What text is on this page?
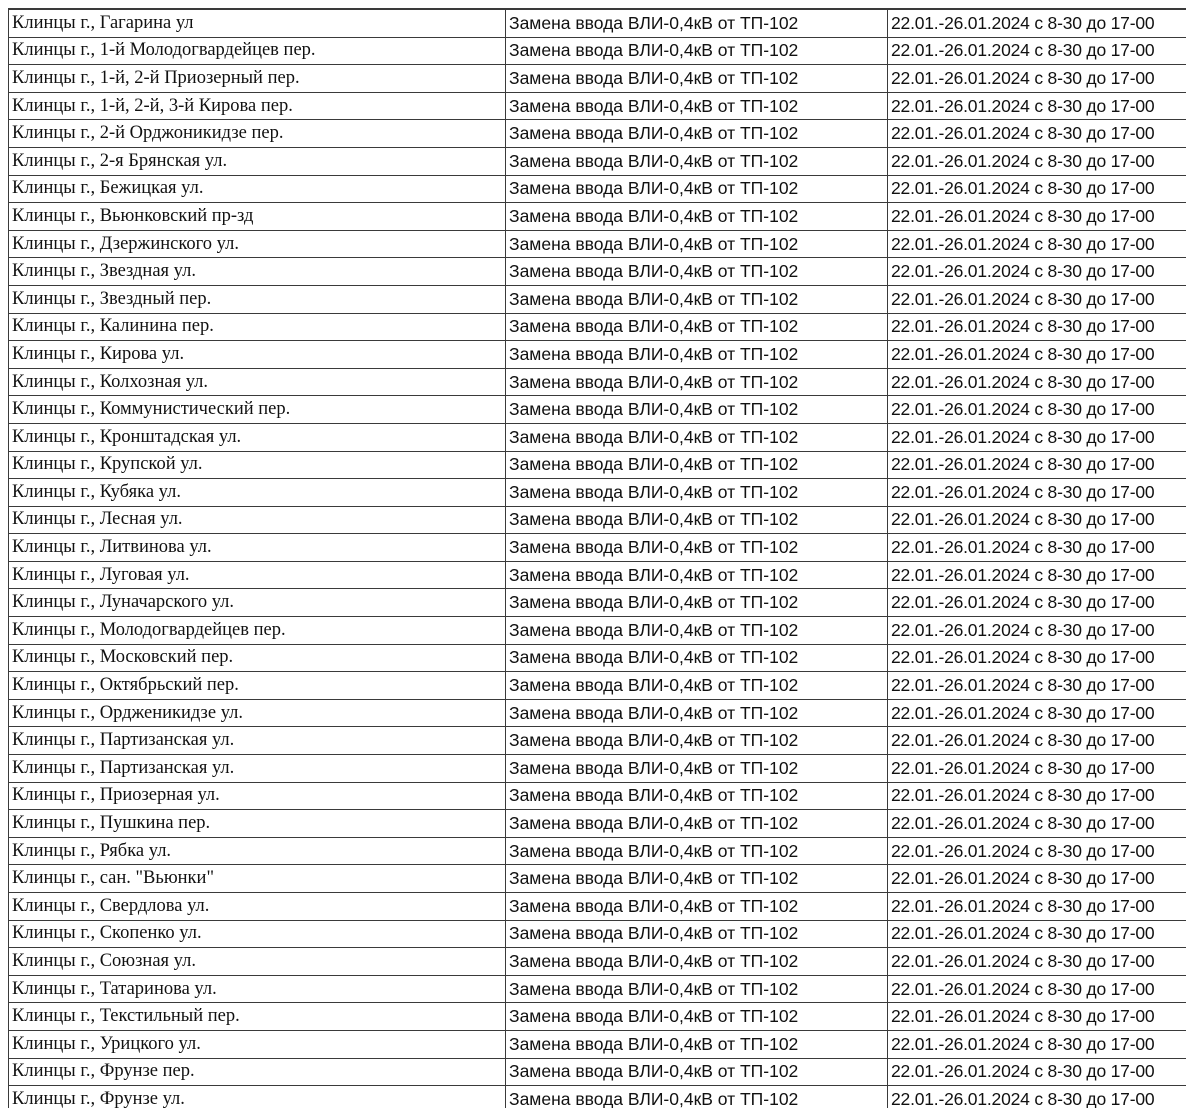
Клинцы г., Гагарина ул	Замена ввода ВЛИ-0,4кВ от ТП-102	22.01.-26.01.2024 с 8-30 до 17-00
Клинцы г., 1-й Молодогвардейцев пер.	Замена ввода ВЛИ-0,4кВ от ТП-102	22.01.-26.01.2024 с 8-30 до 17-00
Клинцы г., 1-й, 2-й Приозерный пер.	Замена ввода ВЛИ-0,4кВ от ТП-102	22.01.-26.01.2024 с 8-30 до 17-00
Клинцы г., 1-й, 2-й, 3-й Кирова пер.	Замена ввода ВЛИ-0,4кВ от ТП-102	22.01.-26.01.2024 с 8-30 до 17-00
Клинцы г., 2-й Орджоникидзе пер.	Замена ввода ВЛИ-0,4кВ от ТП-102	22.01.-26.01.2024 с 8-30 до 17-00
Клинцы г., 2-я Брянская ул.	Замена ввода ВЛИ-0,4кВ от ТП-102	22.01.-26.01.2024 с 8-30 до 17-00
Клинцы г., Бежицкая ул.	Замена ввода ВЛИ-0,4кВ от ТП-102	22.01.-26.01.2024 с 8-30 до 17-00
Клинцы г., Вьюнковский пр-зд	Замена ввода ВЛИ-0,4кВ от ТП-102	22.01.-26.01.2024 с 8-30 до 17-00
Клинцы г., Дзержинского ул.	Замена ввода ВЛИ-0,4кВ от ТП-102	22.01.-26.01.2024 с 8-30 до 17-00
Клинцы г., Звездная ул.	Замена ввода ВЛИ-0,4кВ от ТП-102	22.01.-26.01.2024 с 8-30 до 17-00
Клинцы г., Звездный пер.	Замена ввода ВЛИ-0,4кВ от ТП-102	22.01.-26.01.2024 с 8-30 до 17-00
Клинцы г., Калинина пер.	Замена ввода ВЛИ-0,4кВ от ТП-102	22.01.-26.01.2024 с 8-30 до 17-00
Клинцы г., Кирова ул.	Замена ввода ВЛИ-0,4кВ от ТП-102	22.01.-26.01.2024 с 8-30 до 17-00
Клинцы г., Колхозная ул.	Замена ввода ВЛИ-0,4кВ от ТП-102	22.01.-26.01.2024 с 8-30 до 17-00
Клинцы г., Коммунистический пер.	Замена ввода ВЛИ-0,4кВ от ТП-102	22.01.-26.01.2024 с 8-30 до 17-00
Клинцы г., Кронштадская ул.	Замена ввода ВЛИ-0,4кВ от ТП-102	22.01.-26.01.2024 с 8-30 до 17-00
Клинцы г., Крупской ул.	Замена ввода ВЛИ-0,4кВ от ТП-102	22.01.-26.01.2024 с 8-30 до 17-00
Клинцы г., Кубяка ул.	Замена ввода ВЛИ-0,4кВ от ТП-102	22.01.-26.01.2024 с 8-30 до 17-00
Клинцы г., Лесная ул.	Замена ввода ВЛИ-0,4кВ от ТП-102	22.01.-26.01.2024 с 8-30 до 17-00
Клинцы г., Литвинова ул.	Замена ввода ВЛИ-0,4кВ от ТП-102	22.01.-26.01.2024 с 8-30 до 17-00
Клинцы г., Луговая ул.	Замена ввода ВЛИ-0,4кВ от ТП-102	22.01.-26.01.2024 с 8-30 до 17-00
Клинцы г., Луначарского ул.	Замена ввода ВЛИ-0,4кВ от ТП-102	22.01.-26.01.2024 с 8-30 до 17-00
Клинцы г., Молодогвардейцев пер.	Замена ввода ВЛИ-0,4кВ от ТП-102	22.01.-26.01.2024 с 8-30 до 17-00
Клинцы г., Московский пер.	Замена ввода ВЛИ-0,4кВ от ТП-102	22.01.-26.01.2024 с 8-30 до 17-00
Клинцы г., Октябрьский пер.	Замена ввода ВЛИ-0,4кВ от ТП-102	22.01.-26.01.2024 с 8-30 до 17-00
Клинцы г., Ордженикидзе ул.	Замена ввода ВЛИ-0,4кВ от ТП-102	22.01.-26.01.2024 с 8-30 до 17-00
Клинцы г., Партизанская ул.	Замена ввода ВЛИ-0,4кВ от ТП-102	22.01.-26.01.2024 с 8-30 до 17-00
Клинцы г., Партизанская ул.	Замена ввода ВЛИ-0,4кВ от ТП-102	22.01.-26.01.2024 с 8-30 до 17-00
Клинцы г., Приозерная ул.	Замена ввода ВЛИ-0,4кВ от ТП-102	22.01.-26.01.2024 с 8-30 до 17-00
Клинцы г., Пушкина пер.	Замена ввода ВЛИ-0,4кВ от ТП-102	22.01.-26.01.2024 с 8-30 до 17-00
Клинцы г., Рябка ул.	Замена ввода ВЛИ-0,4кВ от ТП-102	22.01.-26.01.2024 с 8-30 до 17-00
Клинцы г., сан. "Вьюнки"	Замена ввода ВЛИ-0,4кВ от ТП-102	22.01.-26.01.2024 с 8-30 до 17-00
Клинцы г., Свердлова ул.	Замена ввода ВЛИ-0,4кВ от ТП-102	22.01.-26.01.2024 с 8-30 до 17-00
Клинцы г., Скопенко ул.	Замена ввода ВЛИ-0,4кВ от ТП-102	22.01.-26.01.2024 с 8-30 до 17-00
Клинцы г., Союзная ул.	Замена ввода ВЛИ-0,4кВ от ТП-102	22.01.-26.01.2024 с 8-30 до 17-00
Клинцы г., Татаринова ул.	Замена ввода ВЛИ-0,4кВ от ТП-102	22.01.-26.01.2024 с 8-30 до 17-00
Клинцы г., Текстильный пер.	Замена ввода ВЛИ-0,4кВ от ТП-102	22.01.-26.01.2024 с 8-30 до 17-00
Клинцы г., Урицкого ул.	Замена ввода ВЛИ-0,4кВ от ТП-102	22.01.-26.01.2024 с 8-30 до 17-00
Клинцы г., Фрунзе пер.	Замена ввода ВЛИ-0,4кВ от ТП-102	22.01.-26.01.2024 с 8-30 до 17-00
Клинцы г., Фрунзе ул.	Замена ввода ВЛИ-0,4кВ от ТП-102	22.01.-26.01.2024 с 8-30 до 17-00
